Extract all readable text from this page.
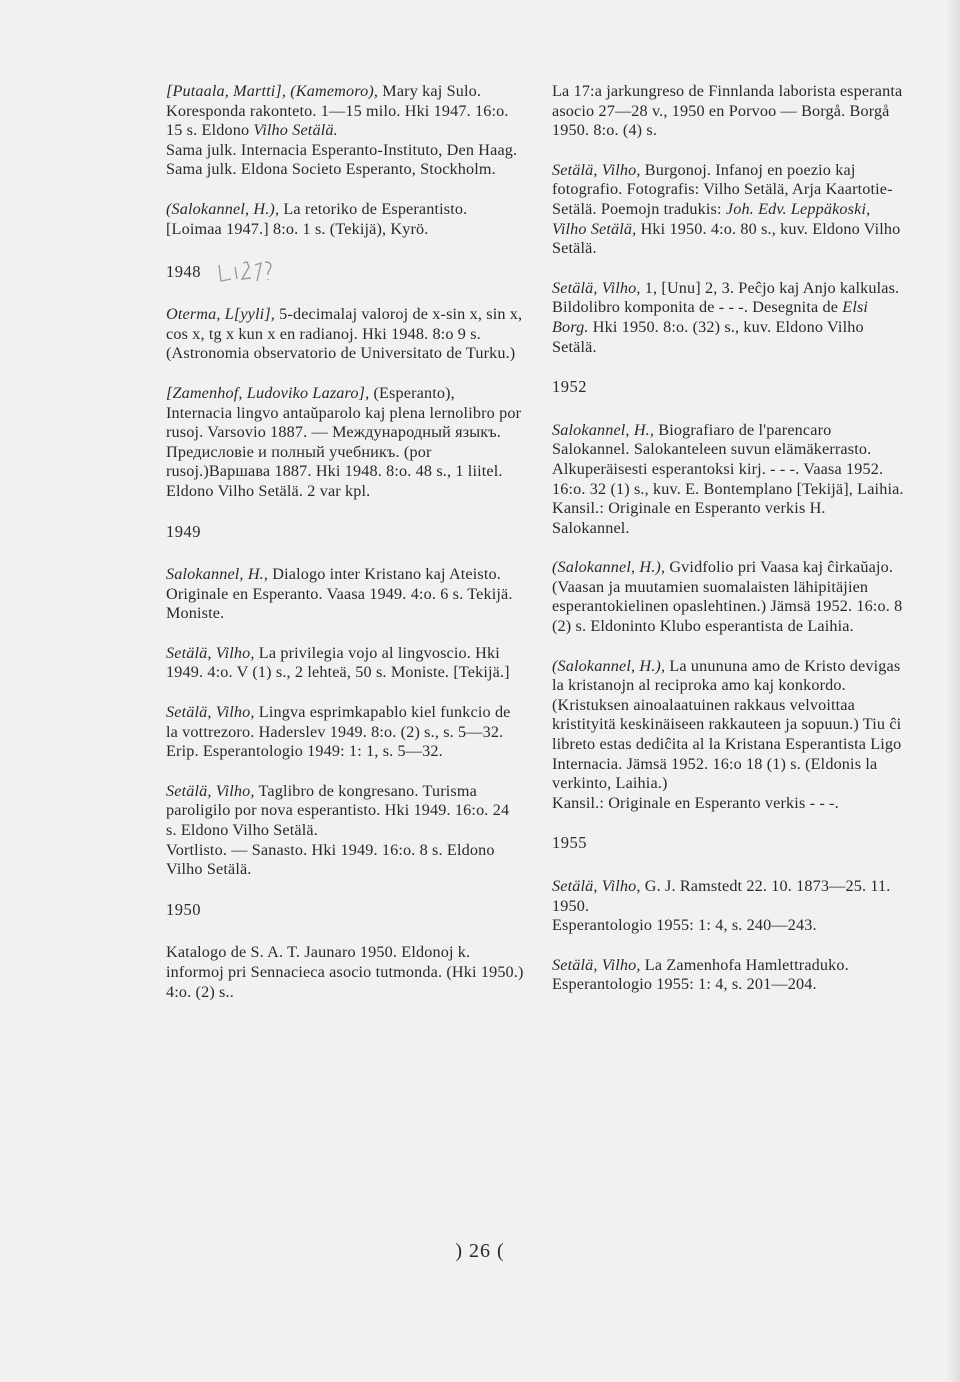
[Putaala, Martti], (Kamemoro), Mary kaj Sulo. Koresponda rakonteto. 1—15 milo. Hki 1947. 16:o. 15 s. Eldono Vilho Setälä.

Sama julk. Internacia Esperanto-Instituto, Den Haag.

Sama julk. Eldona Societo Esperanto, Stockholm.

(Salokannel, H.), La retoriko de Esperantisto. [Loimaa 1947.] 8:o. 1 s. (Tekijä), Kyrö.

1948

Oterma, L[yyli], 5-decimalaj valoroj de x-sin x, sin x, cos x, tg x kun x en radianoj. Hki 1948. 8:o 9 s. (Astronomia observatorio de Universitato de Turku.)

[Zamenhof, Ludoviko Lazaro], (Esperanto), Internacia lingvo antaŭparolo kaj plena lernolibro por rusoj. Varsovio 1887. — Международный языкъ. Предисловiе и полный учебникъ. (por rusoj.)Варшава 1887. Hki 1948. 8:o. 48 s., 1 liitel. Eldono Vilho Setälä. 2 var kpl.

1949

Salokannel, H., Dialogo inter Kristano kaj Ateisto. Originale en Esperanto. Vaasa 1949. 4:o. 6 s. Tekijä. Moniste.

Setälä, Vilho, La privilegia vojo al lingvoscio. Hki 1949. 4:o. V (1) s., 2 lehteä, 50 s. Moniste. [Tekijä.]

Setälä, Vilho, Lingva esprimkapablo kiel funkcio de la vottrezoro. Haderslev 1949. 8:o. (2) s., s. 5—32.

Erip. Esperantologio 1949: 1: 1, s. 5—32.

Setälä, Vilho, Taglibro de kongresano. Turisma paroligilo por nova esperantisto. Hki 1949. 16:o. 24 s. Eldono Vilho Setälä.

Vortlisto. — Sanasto. Hki 1949. 16:o. 8 s. Eldono Vilho Setälä.

1950

Katalogo de S. A. T. Jaunaro 1950. Eldonoj k. informoj pri Sennacieca asocio tutmonda. (Hki 1950.) 4:o. (2) s..

La 17:a jarkungreso de Finnlanda laborista esperanta asocio 27—28 v., 1950 en Porvoo — Borgå. Borgå 1950. 8:o. (4) s.

Setälä, Vilho, Burgonoj. Infanoj en poezio kaj fotografio. Fotografis: Vilho Setälä, Arja Kaartotie-Setälä. Poemojn tradukis: Joh. Edv. Leppäkoski, Vilho Setälä, Hki 1950. 4:o. 80 s., kuv. Eldono Vilho Setälä.

Setälä, Vilho, 1, [Unu] 2, 3. Peĉjo kaj Anjo kalkulas. Bildolibro komponita de - - -. Desegnita de Elsi Borg. Hki 1950. 8:o. (32) s., kuv. Eldono Vilho Setälä.

1952

Salokannel, H., Biografiaro de l'parencaro Salokannel. Salokanteleen suvun elämäkerrasto. Alkuperäisesti esperantoksi kirj. - - -. Vaasa 1952. 16:o. 32 (1) s., kuv. E. Bontemplano [Tekijä], Laihia.

Kansil.: Originale en Esperanto verkis H. Salokannel.

(Salokannel, H.), Gvidfolio pri Vaasa kaj ĉirkaŭajo. (Vaasan ja muutamien suomalaisten lähipitäjien esperantokielinen opaslehtinen.) Jämsä 1952. 16:o. 8 (2) s. Eldoninto Klubo esperantista de Laihia.

(Salokannel, H.), La unununa amo de Kristo devigas la kristanojn al reciproka amo kaj konkordo. (Kristuksen ainoalaatuinen rakkaus velvoittaa kristityitä keskinäiseen rakkauteen ja sopuun.) Tiu ĉi libreto estas dediĉita al la Kristana Esperantista Ligo Internacia. Jämsä 1952. 16:o 18 (1) s. (Eldonis la verkinto, Laihia.)

Kansil.: Originale en Esperanto verkis - - -.

1955

Setälä, Vilho, G. J. Ramstedt 22. 10. 1873—25. 11. 1950.

Esperantologio 1955: 1: 4, s. 240—243.

Setälä, Vilho, La Zamenhofa Hamlettraduko.

Esperantologio 1955: 1: 4, s. 201—204.

) 26 (
